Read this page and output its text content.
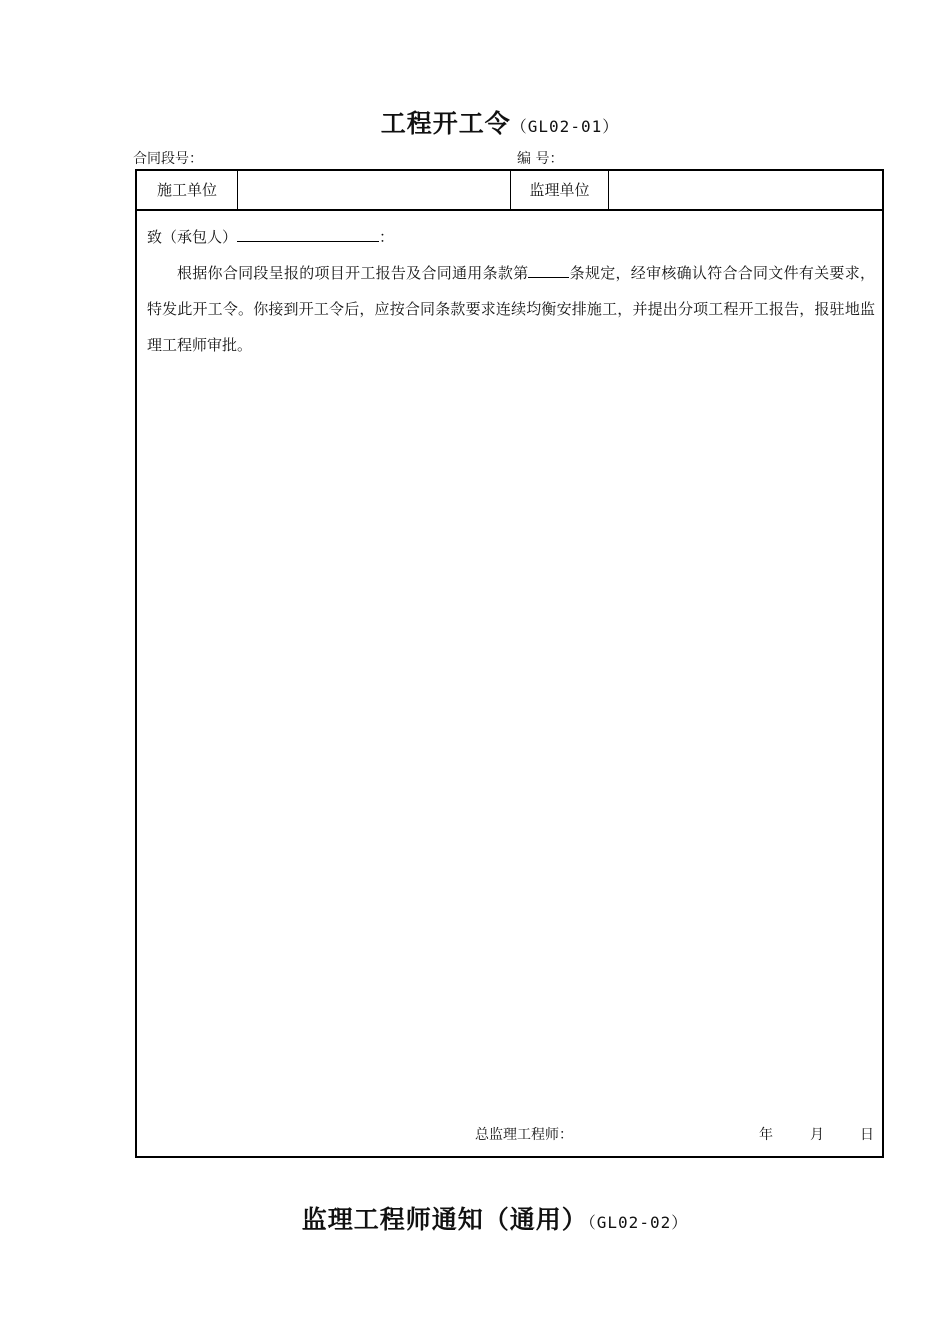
工程开工令（GL02-01）
合同段号：	编 号：
施工单位	监理单位
致（承包人）	：
根据你合同段呈报的项目开工报告及合同通用条款第	条规定，经审核确认符合合同文件有关要求，特发此开工令。你接到开工令后，应按合同条款要求连续均衡安排施工，并提出分项工程开工报告，报驻地监理工程师审批。
总监理工程师：	年	月	日
监理工程师通知（通用）（GL02-02）
